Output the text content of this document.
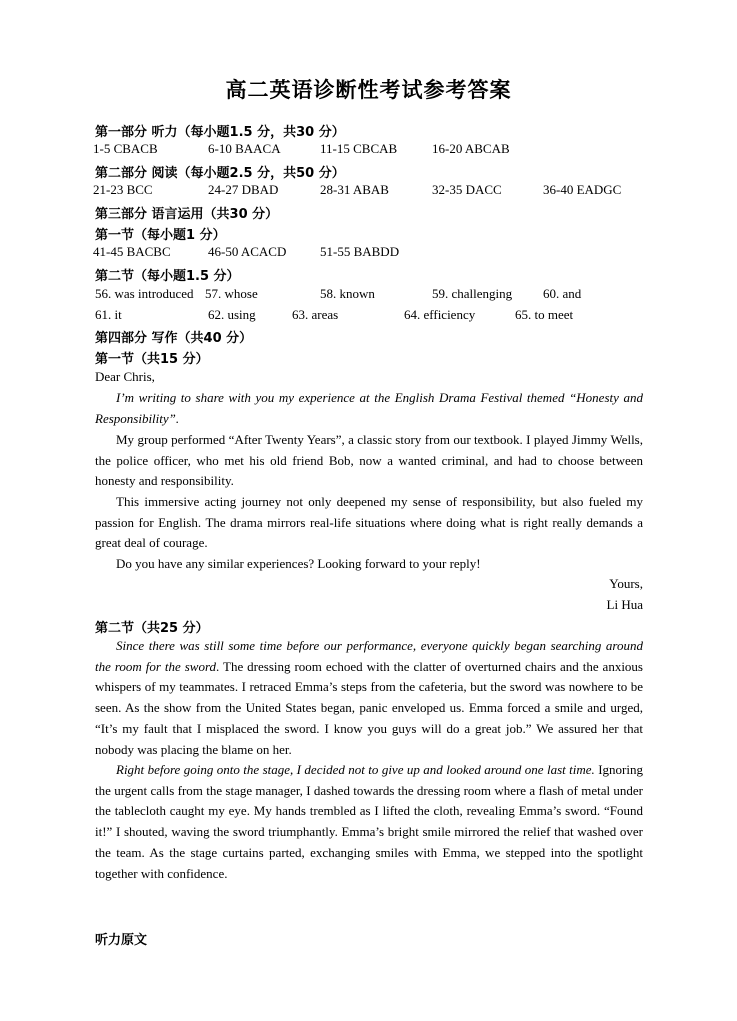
高二英语诊断性考试参考答案
第一部分 听力（每小题1.5 分，共30 分）
1-5 CBACB	6-10 BAACA	11-15 CBCAB	16-20 ABCAB
第二部分 阅读（每小题2.5 分，共50 分）
21-23 BCC	24-27 DBAD	28-31 ABAB	32-35 DACC	36-40 EADGC
第三部分 语言运用（共30 分）
第一节（每小题1 分）
41-45 BACBC	46-50 ACACD	51-55 BABDD
第二节（每小题1.5 分）
56. was introduced 57. whose	58. known	59. challenging 60. and
61. it	62. using	63. areas	64. efficiency	65. to meet
第四部分 写作（共40 分）
第一节（共15 分）
Dear Chris,
I’m writing to share with you my experience at the English Drama Festival themed “Honesty and Responsibility”.
My group performed “After Twenty Years”, a classic story from our textbook. I played Jimmy Wells, the police officer, who met his old friend Bob, now a wanted criminal, and had to choose between honesty and responsibility.
This immersive acting journey not only deepened my sense of responsibility, but also fueled my passion for English. The drama mirrors real-life situations where doing what is right really demands a great deal of courage.
Do you have any similar experiences? Looking forward to your reply!
Yours,
Li Hua
第二节（共25 分）
Since there was still some time before our performance, everyone quickly began searching around the room for the sword. The dressing room echoed with the clatter of overturned chairs and the anxious whispers of my teammates. I retraced Emma’s steps from the cafeteria, but the sword was nowhere to be seen. As the show from the United States began, panic enveloped us. Emma forced a smile and urged, “It’s my fault that I misplaced the sword. I know you guys will do a great job.” We assured her that nobody was placing the blame on her.
Right before going onto the stage, I decided not to give up and looked around one last time. Ignoring the urgent calls from the stage manager, I dashed towards the dressing room where a flash of metal under the tablecloth caught my eye. My hands trembled as I lifted the cloth, revealing Emma’s sword. “Found it!” I shouted, waving the sword triumphantly. Emma’s bright smile mirrored the relief that washed over the team. As the stage curtains parted, exchanging smiles with Emma, we stepped into the spotlight together with confidence.
听力原文
